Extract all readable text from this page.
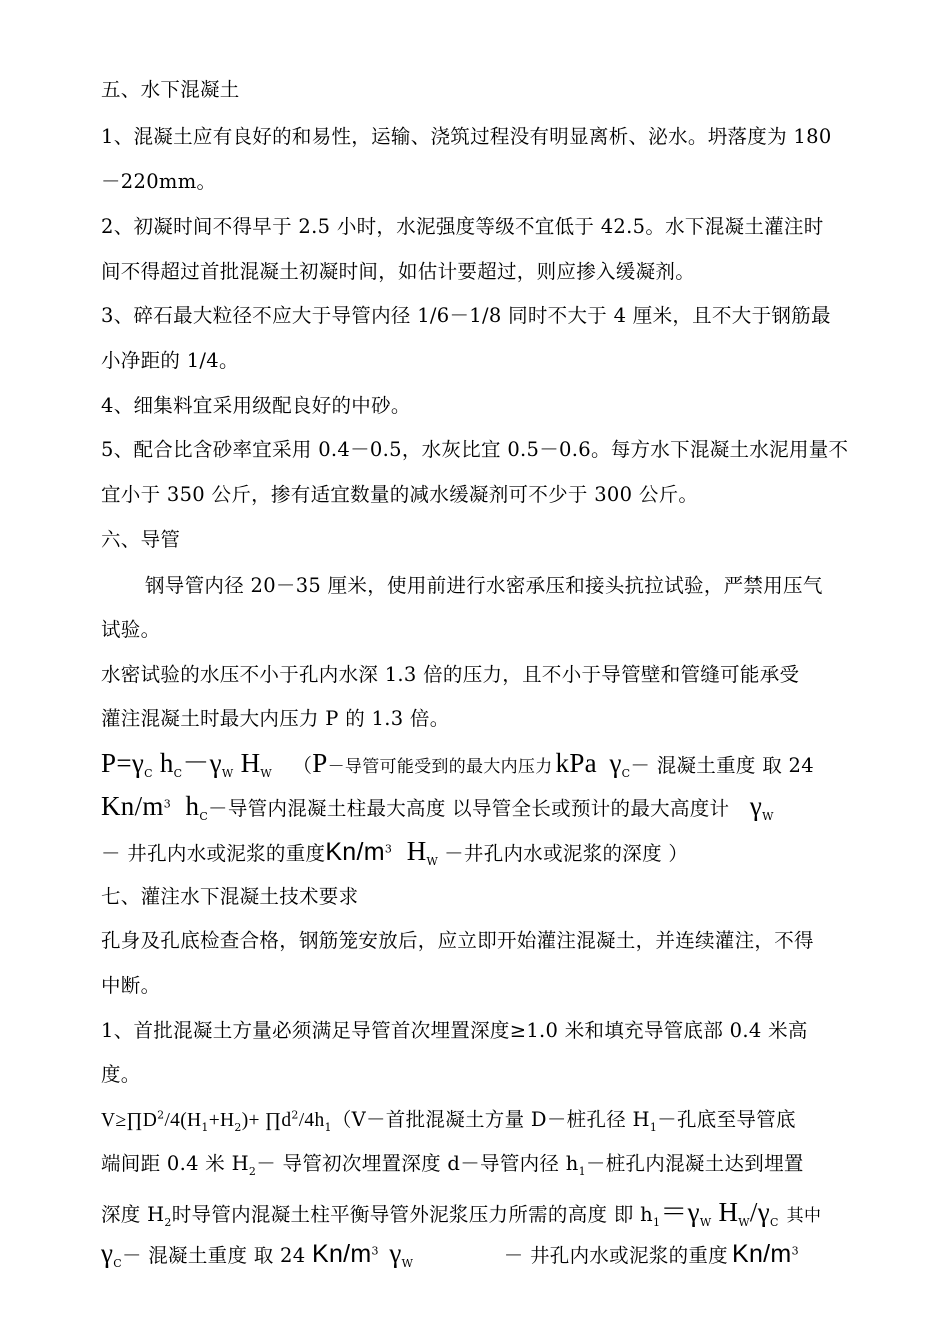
五、水下混凝土
1、混凝土应有良好的和易性，运输、浇筑过程没有明显离析、泌水。坍落度为 180
－220mm。
2、初凝时间不得早于 2.5 小时，水泥强度等级不宜低于 42.5。水下混凝土灌注时
间不得超过首批混凝土初凝时间，如估计要超过，则应掺入缓凝剂。
3、碎石最大粒径不应大于导管内径 1/6－1/8 同时不大于 4 厘米，且不大于钢筋最
小净距的 1/4。
4、细集料宜采用级配良好的中砂。
5、配合比含砂率宜采用 0.4－0.5，水灰比宜 0.5－0.6。每方水下混凝土水泥用量不
宜小于 350 公斤，掺有适宜数量的减水缓凝剂可不少于 300 公斤。
六、导管
钢导管内径 20－35 厘米，使用前进行水密承压和接头抗拉试验，严禁用压气
试验。
水密试验的水压不小于孔内水深 1.3 倍的压力，且不小于导管壁和管缝可能承受
灌注混凝土时最大内压力 P 的 1.3 倍。
$P=\gamma_C$ $h_C-\gamma_W$ $H_W$ （P－导管可能受到的最大内压力 kPa $\gamma_C-$ 混凝土重度 取 24
$Kn/m^3$ $h_C-$导管内混凝土柱最大高度 以导管全长或预计的最大高度计 $\gamma_W$
－ 井孔内水或泥浆的重度$Kn/m^3$ $H_W$ －井孔内水或泥浆的深度 ）
七、灌注水下混凝土技术要求
孔身及孔底检查合格，钢筋笼安放后，应立即开始灌注混凝土，并连续灌注，不得
中断。
1、首批混凝土方量必须满足导管首次埋置深度≥1.0 米和填充导管底部 0.4 米高
度。
$V\ge\prod D^2/4(H_1+H_2)+$ $\prod d^2/4h_1(V-$首批混凝土方量 D－桩孔径 $H_1-$孔底至导管底
端间距 0.4 米 $H_2-$ 导管初次埋置深度 d－导管内径 $h_1-$桩孔内混凝土达到埋置
深度 $H_2$时导管内混凝土柱平衡导管外泥浆压力所需的高度 即 $h_1=\gamma_W$ $H_W/\gamma_C$ 其中
$\gamma_C-$ 混凝土重度 取 24 $Kn/m^3$ $\gamma_W$	－ 井孔内水或泥浆的重度 $Kn/m^3$
